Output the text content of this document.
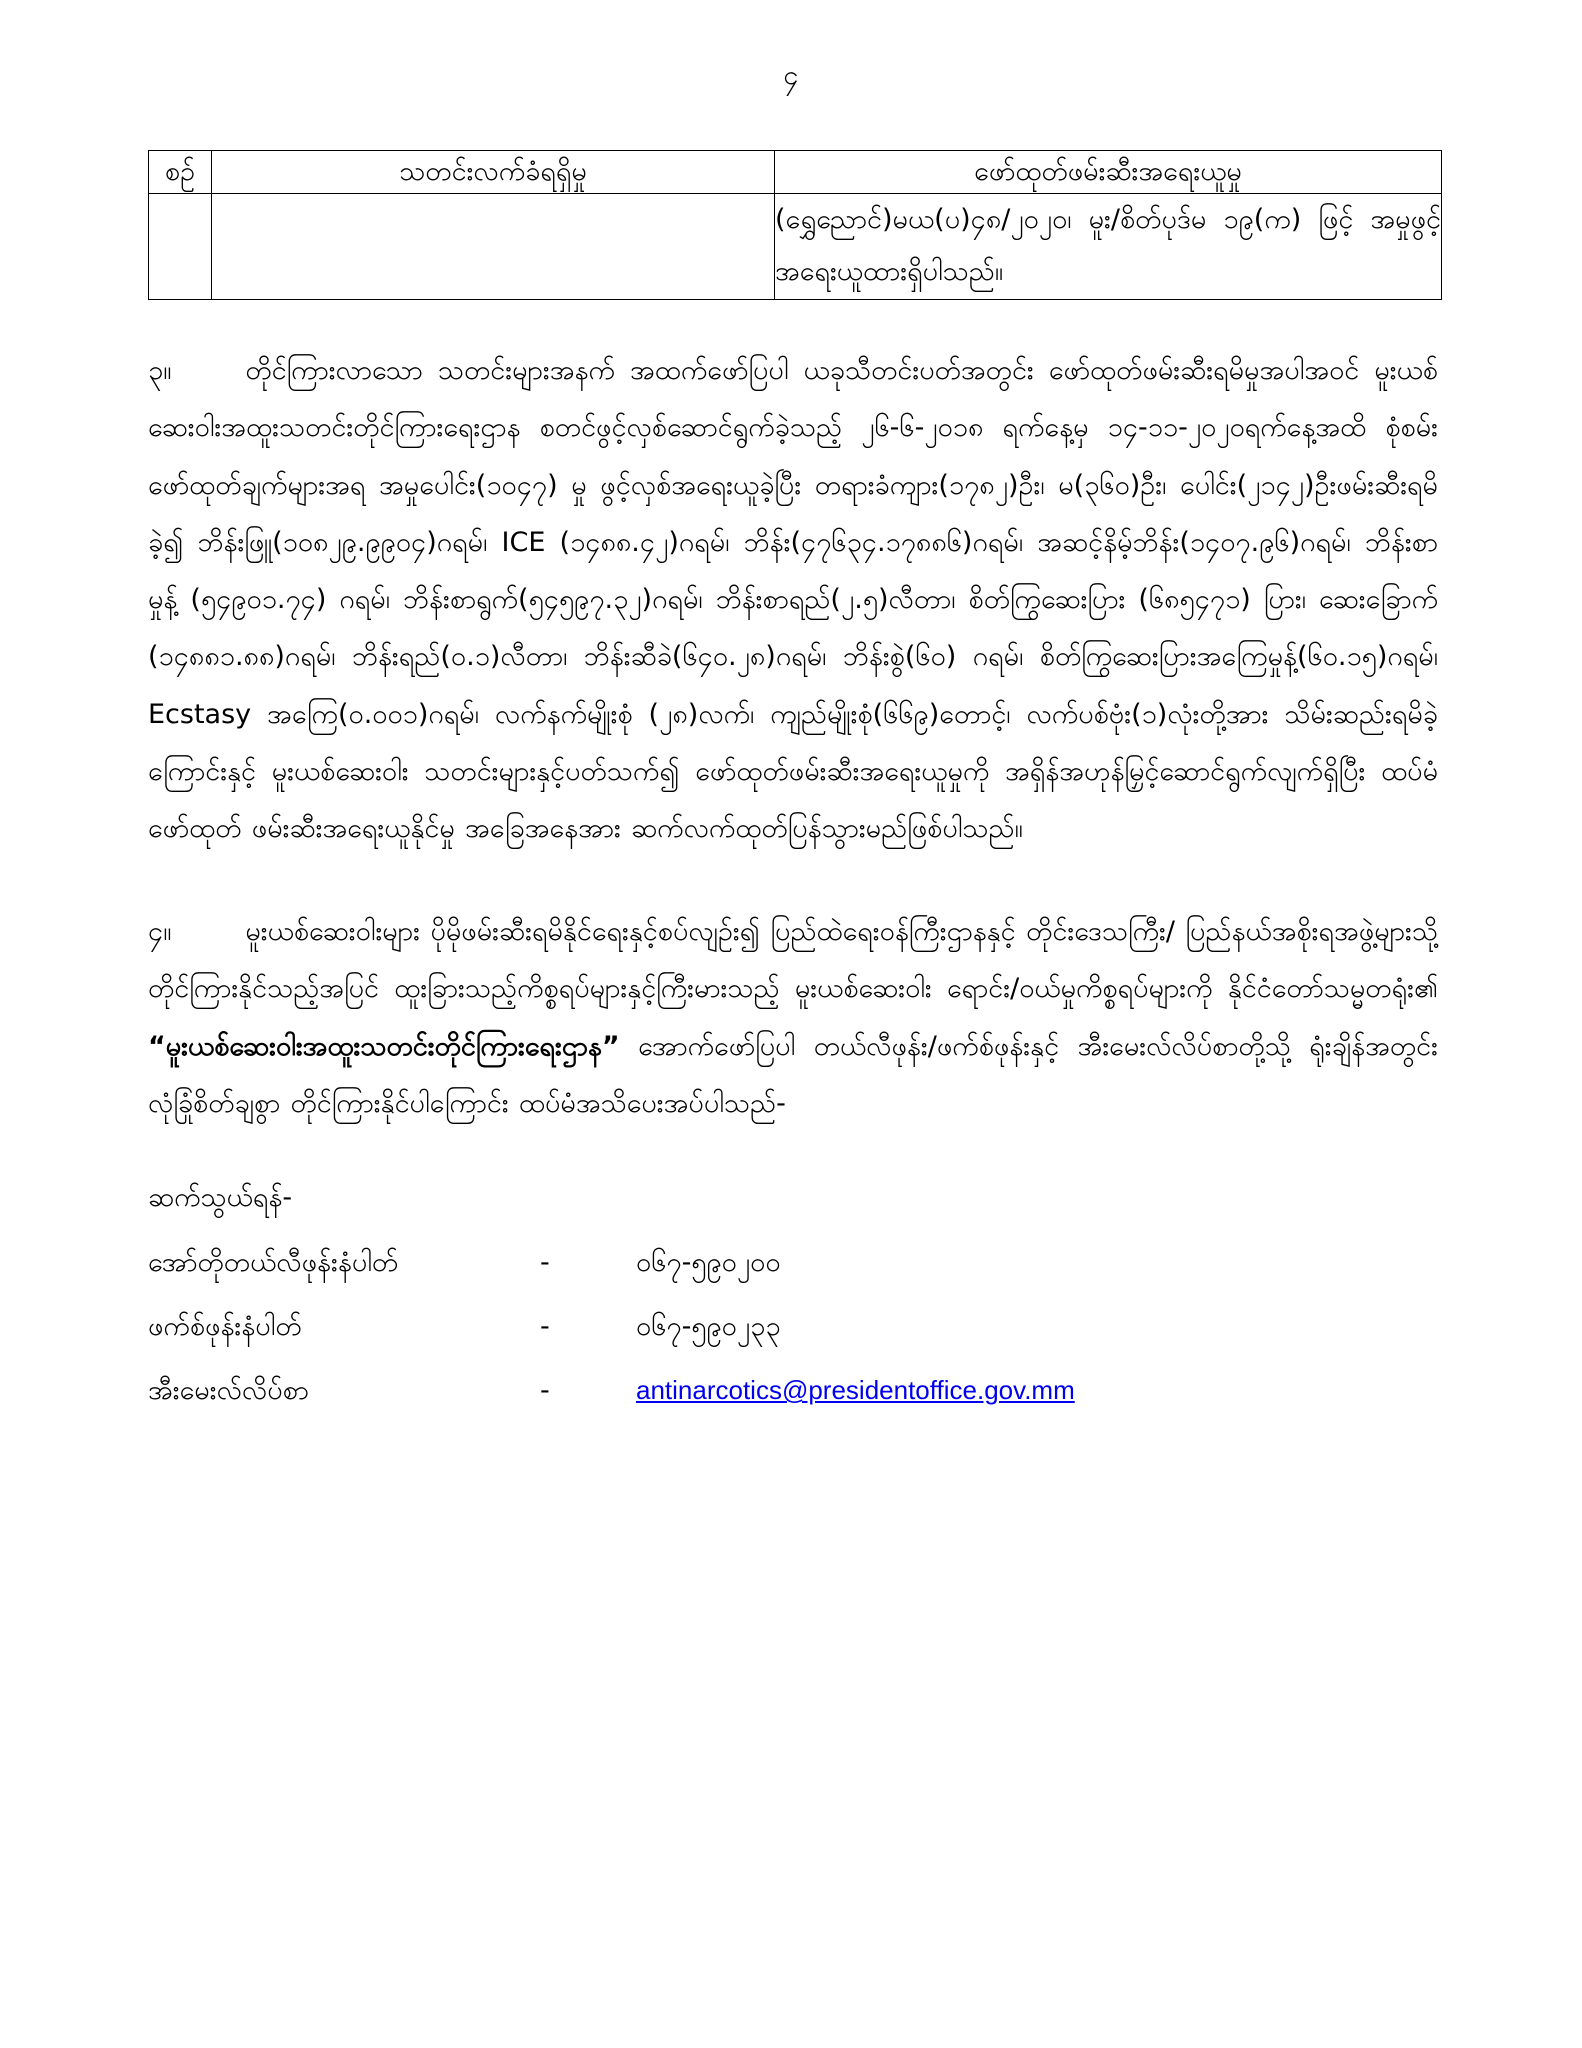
၄
စဉ်	သတင်းလက်ခံရရှိမှု	ဖော်ထုတ်ဖမ်းဆီးအရေးယူမှု
		(ရွှေညောင်)မယ(ပ)၄၈/၂၀၂၀၊ မူး/စိတ်ပုဒ်မ ၁၉(က) ဖြင့် အမှုဖွင့် အရေးယူထားရှိပါသည်။

၃။	တိုင်ကြားလာသော သတင်းများအနက် အထက်ဖော်ပြပါ ယခုသီတင်းပတ်အတွင်း ဖော်ထုတ်ဖမ်းဆီးရမိမှုအပါအဝင် မူးယစ်ဆေးဝါးအထူးသတင်းတိုင်ကြားရေးဌာန စတင်ဖွင့်လှစ်ဆောင်ရွက်ခဲ့သည့် ၂၆-၆-၂၀၁၈ ရက်နေ့မှ ၁၄-၁၁-၂၀၂၀ရက်နေ့အထိ စုံစမ်းဖော်ထုတ်ချက်များအရ အမှုပေါင်း(၁၀၄၇) မှု ဖွင့်လှစ်အရေးယူခဲ့ပြီး တရားခံကျား(၁၇၈၂)ဦး၊ မ(၃၆၀)ဦး၊ ပေါင်း(၂၁၄၂)ဦးဖမ်းဆီးရမိခဲ့၍ ဘိန်းဖြူ(၁၀၈၂၉.၉၉၀၄)ဂရမ်၊ ICE (၁၄၈၈.၄၂)ဂရမ်၊ ဘိန်း(၄၇၆၃၄.၁၇၈၈၆)ဂရမ်၊ အဆင့်နိမ့်ဘိန်း(၁၄၀၇.၉၆)ဂရမ်၊ ဘိန်းစာမှုန့် (၅၄၉၀၁.၇၄) ဂရမ်၊ ဘိန်းစာရွက်(၅၄၅၉၇.၃၂)ဂရမ်၊ ဘိန်းစာရည်(၂.၅)လီတာ၊ စိတ်ကြွဆေးပြား (၆၈၅၄၇၁) ပြား၊ ဆေးခြောက် (၁၄၈၈၁.၈၈)ဂရမ်၊ ဘိန်းရည်(၀.၁)လီတာ၊ ဘိန်းဆီခဲ(၆၄၀.၂၈)ဂရမ်၊ ဘိန်းစွဲ(၆၀) ဂရမ်၊ စိတ်ကြွဆေးပြားအကြေမှုန့်(၆၀.၁၅)ဂရမ်၊ Ecstasy အကြေ(၀.၀၀၁)ဂရမ်၊ လက်နက်မျိုးစုံ (၂၈)လက်၊ ကျည်မျိုးစုံ(၆၆၉)တောင့်၊ လက်ပစ်ဗုံး(၁)လုံးတို့အား သိမ်းဆည်းရမိခဲ့ကြောင်းနှင့် မူးယစ်ဆေးဝါး သတင်းများနှင့်ပတ်သက်၍ ဖော်ထုတ်ဖမ်းဆီးအရေးယူမှုကို အရှိန်အဟုန်မြှင့်ဆောင်ရွက်လျက်ရှိပြီး ထပ်မံဖော်ထုတ် ဖမ်းဆီးအရေးယူနိုင်မှု အခြေအနေအား ဆက်လက်ထုတ်ပြန်သွားမည်ဖြစ်ပါသည်။

၄။	မူးယစ်ဆေးဝါးများ ပိုမိုဖမ်းဆီးရမိနိုင်ရေးနှင့်စပ်လျဉ်း၍ ပြည်ထဲရေးဝန်ကြီးဌာနနှင့် တိုင်းဒေသကြီး/ ပြည်နယ်အစိုးရအဖွဲ့များသို့ တိုင်ကြားနိုင်သည့်အပြင် ထူးခြားသည့်ကိစ္စရပ်များနှင့်ကြီးမားသည့် မူးယစ်ဆေးဝါး ရောင်း/ဝယ်မှုကိစ္စရပ်များကို နိုင်ငံတော်သမ္မတရုံး၏ “မူးယစ်ဆေးဝါးအထူးသတင်းတိုင်ကြားရေးဌာန” အောက်ဖော်ပြပါ တယ်လီဖုန်း/ဖက်စ်ဖုန်းနှင့် အီးမေးလ်လိပ်စာတို့သို့ ရုံးချိန်အတွင်း လုံခြုံစိတ်ချစွာ တိုင်ကြားနိုင်ပါကြောင်း ထပ်မံအသိပေးအပ်ပါသည်-

ဆက်သွယ်ရန်-
အော်တိုတယ်လီဖုန်းနံပါတ်	-	၀၆၇-၅၉၀၂၀၀
ဖက်စ်ဖုန်းနံပါတ်	-	၀၆၇-၅၉၀၂၃၃
အီးမေးလ်လိပ်စာ	-	antinarcotics@presidentoffice.gov.mm
